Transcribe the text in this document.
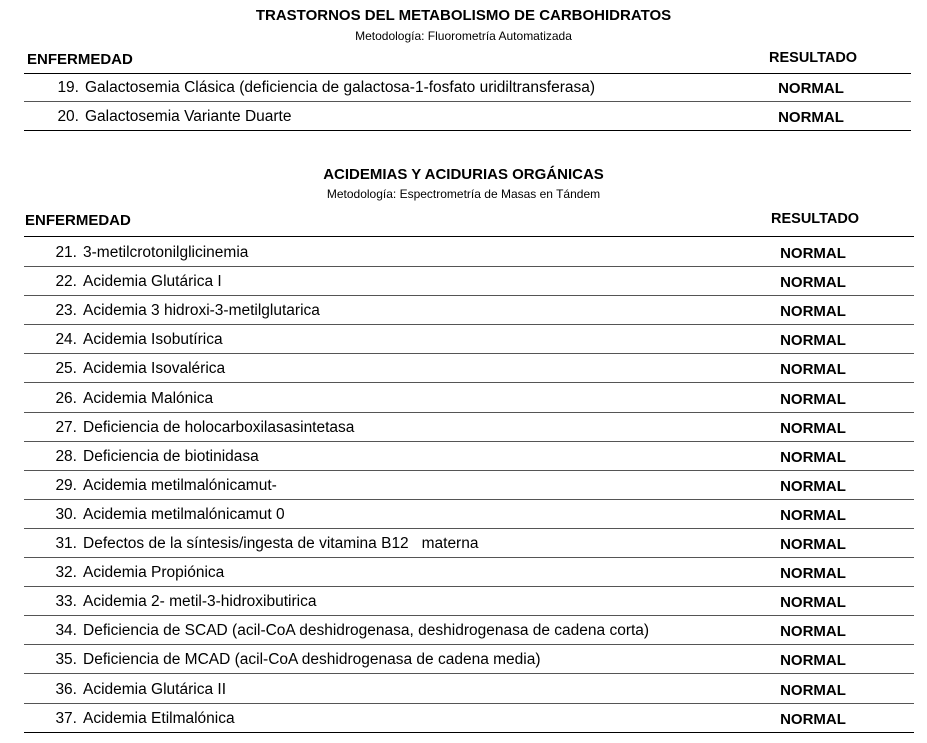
TRASTORNOS DEL METABOLISMO DE CARBOHIDRATOS
Metodología: Fluorometría Automatizada
ENFERMEDAD	RESULTADO
19. Galactosemia Clásica (deficiencia de galactosa-1-fosfato uridiltransferasa)	NORMAL
20. Galactosemia Variante Duarte	NORMAL
ACIDEMIAS Y ACIDURIAS ORGÁNICAS
Metodología: Espectrometría de Masas en Tándem
ENFERMEDAD	RESULTADO
21. 3-metilcrotonilglicinemia	NORMAL
22. Acidemia Glutárica I	NORMAL
23. Acidemia 3 hidroxi-3-metilglutarica	NORMAL
24. Acidemia Isobutírica	NORMAL
25. Acidemia Isovalérica	NORMAL
26. Acidemia Malónica	NORMAL
27. Deficiencia de holocarboxilasasintetasa	NORMAL
28. Deficiencia de biotinidasa	NORMAL
29. Acidemia metilmalónicamut-	NORMAL
30. Acidemia metilmalónicamut 0	NORMAL
31. Defectos de la síntesis/ingesta de vitamina B12   materna	NORMAL
32. Acidemia Propiónica	NORMAL
33. Acidemia 2- metil-3-hidroxibutirica	NORMAL
34. Deficiencia de SCAD (acil-CoA deshidrogenasa, deshidrogenasa de cadena corta)	NORMAL
35. Deficiencia de MCAD (acil-CoA deshidrogenasa de cadena media)	NORMAL
36. Acidemia Glutárica II	NORMAL
37. Acidemia Etilmalónica	NORMAL
